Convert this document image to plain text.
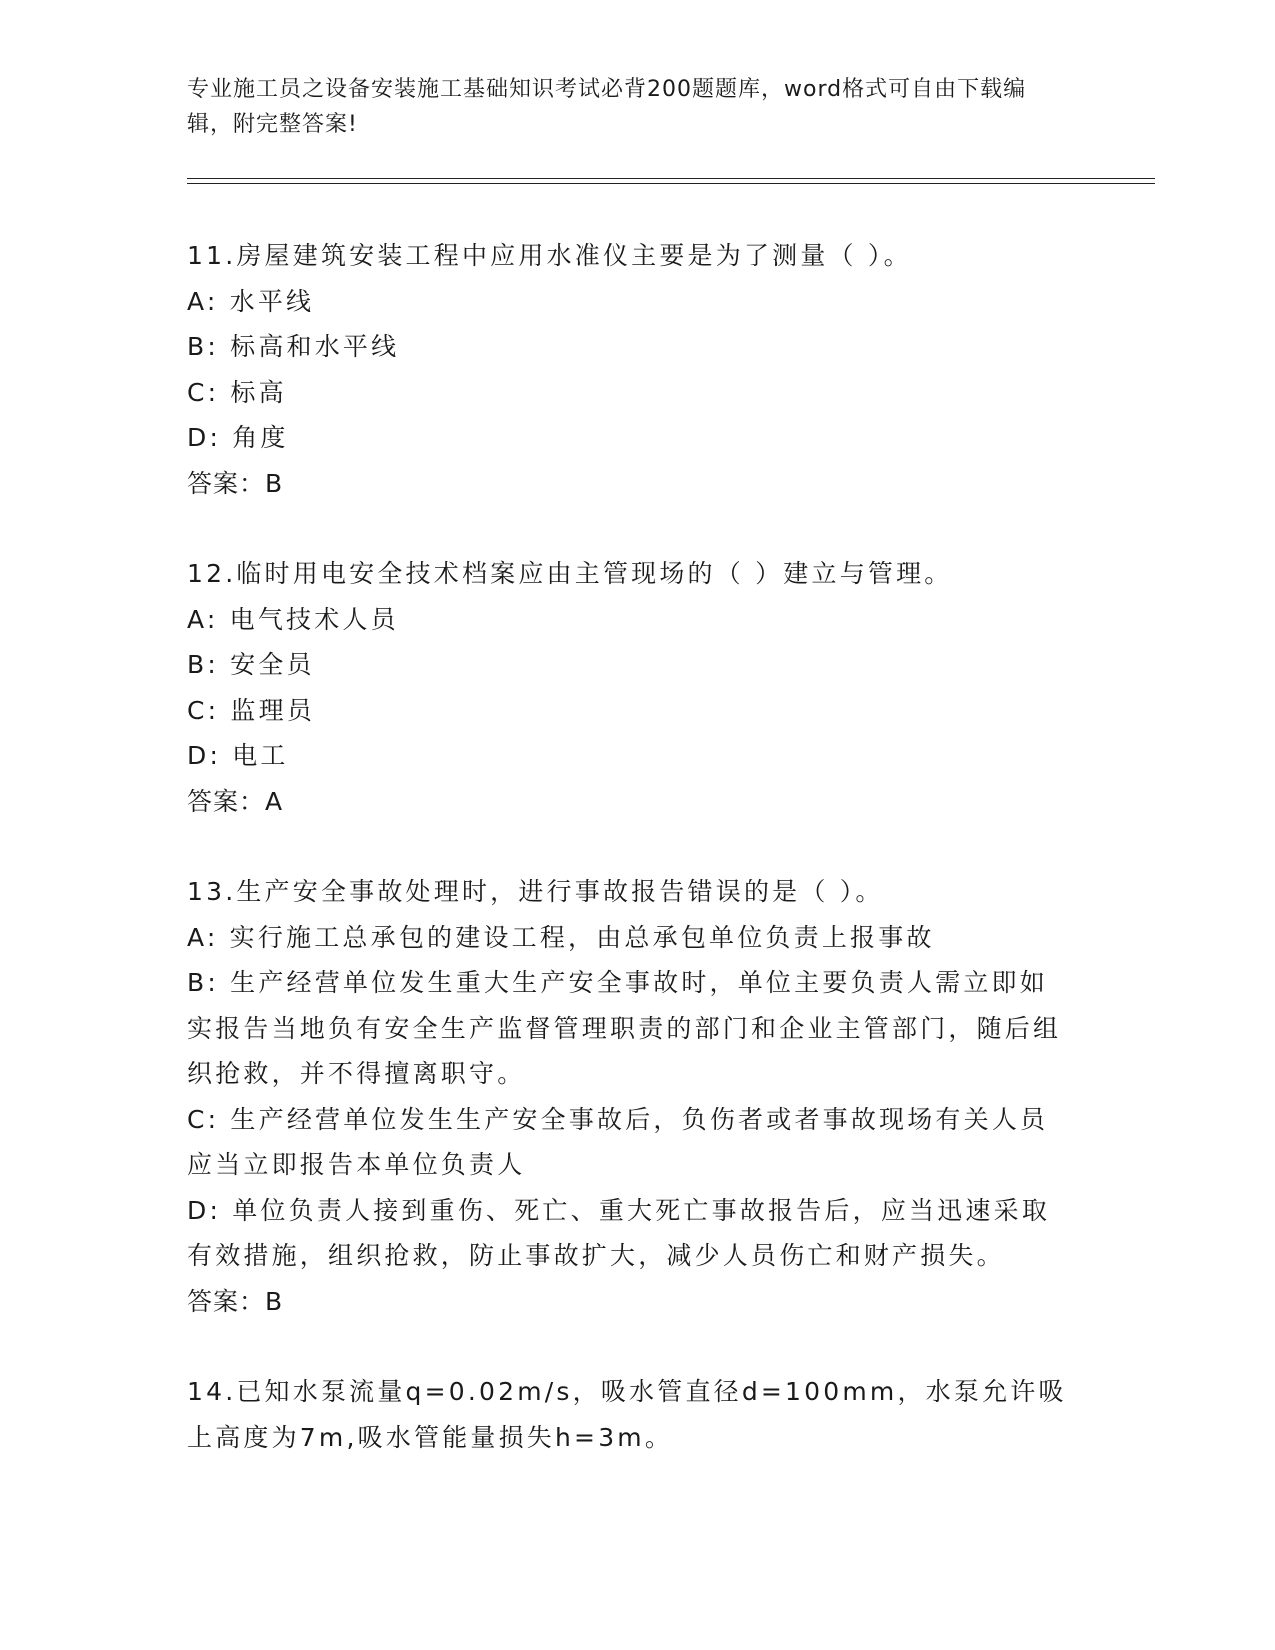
专业施工员之设备安装施工基础知识考试必背200题题库，word格式可自由下载编辑，附完整答案!

11.房屋建筑安装工程中应用水准仪主要是为了测量（ ）。

A: 水平线

B: 标高和水平线

C: 标高

D: 角度

答案：B

12.临时用电安全技术档案应由主管现场的（ ）建立与管理。

A: 电气技术人员

B: 安全员

C: 监理员

D: 电工

答案：A

13.生产安全事故处理时，进行事故报告错误的是（ ）。

A: 实行施工总承包的建设工程，由总承包单位负责上报事故

B: 生产经营单位发生重大生产安全事故时，单位主要负责人需立即如实报告当地负有安全生产监督管理职责的部门和企业主管部门，随后组织抢救，并不得擅离职守。

C: 生产经营单位发生生产安全事故后，负伤者或者事故现场有关人员应当立即报告本单位负责人

D: 单位负责人接到重伤、死亡、重大死亡事故报告后，应当迅速采取有效措施，组织抢救，防止事故扩大，减少人员伤亡和财产损失。

答案：B

14.已知水泵流量q=0.02m/s，吸水管直径d=100mm，水泵允许吸上高度为7m,吸水管能量损失h=3m。
